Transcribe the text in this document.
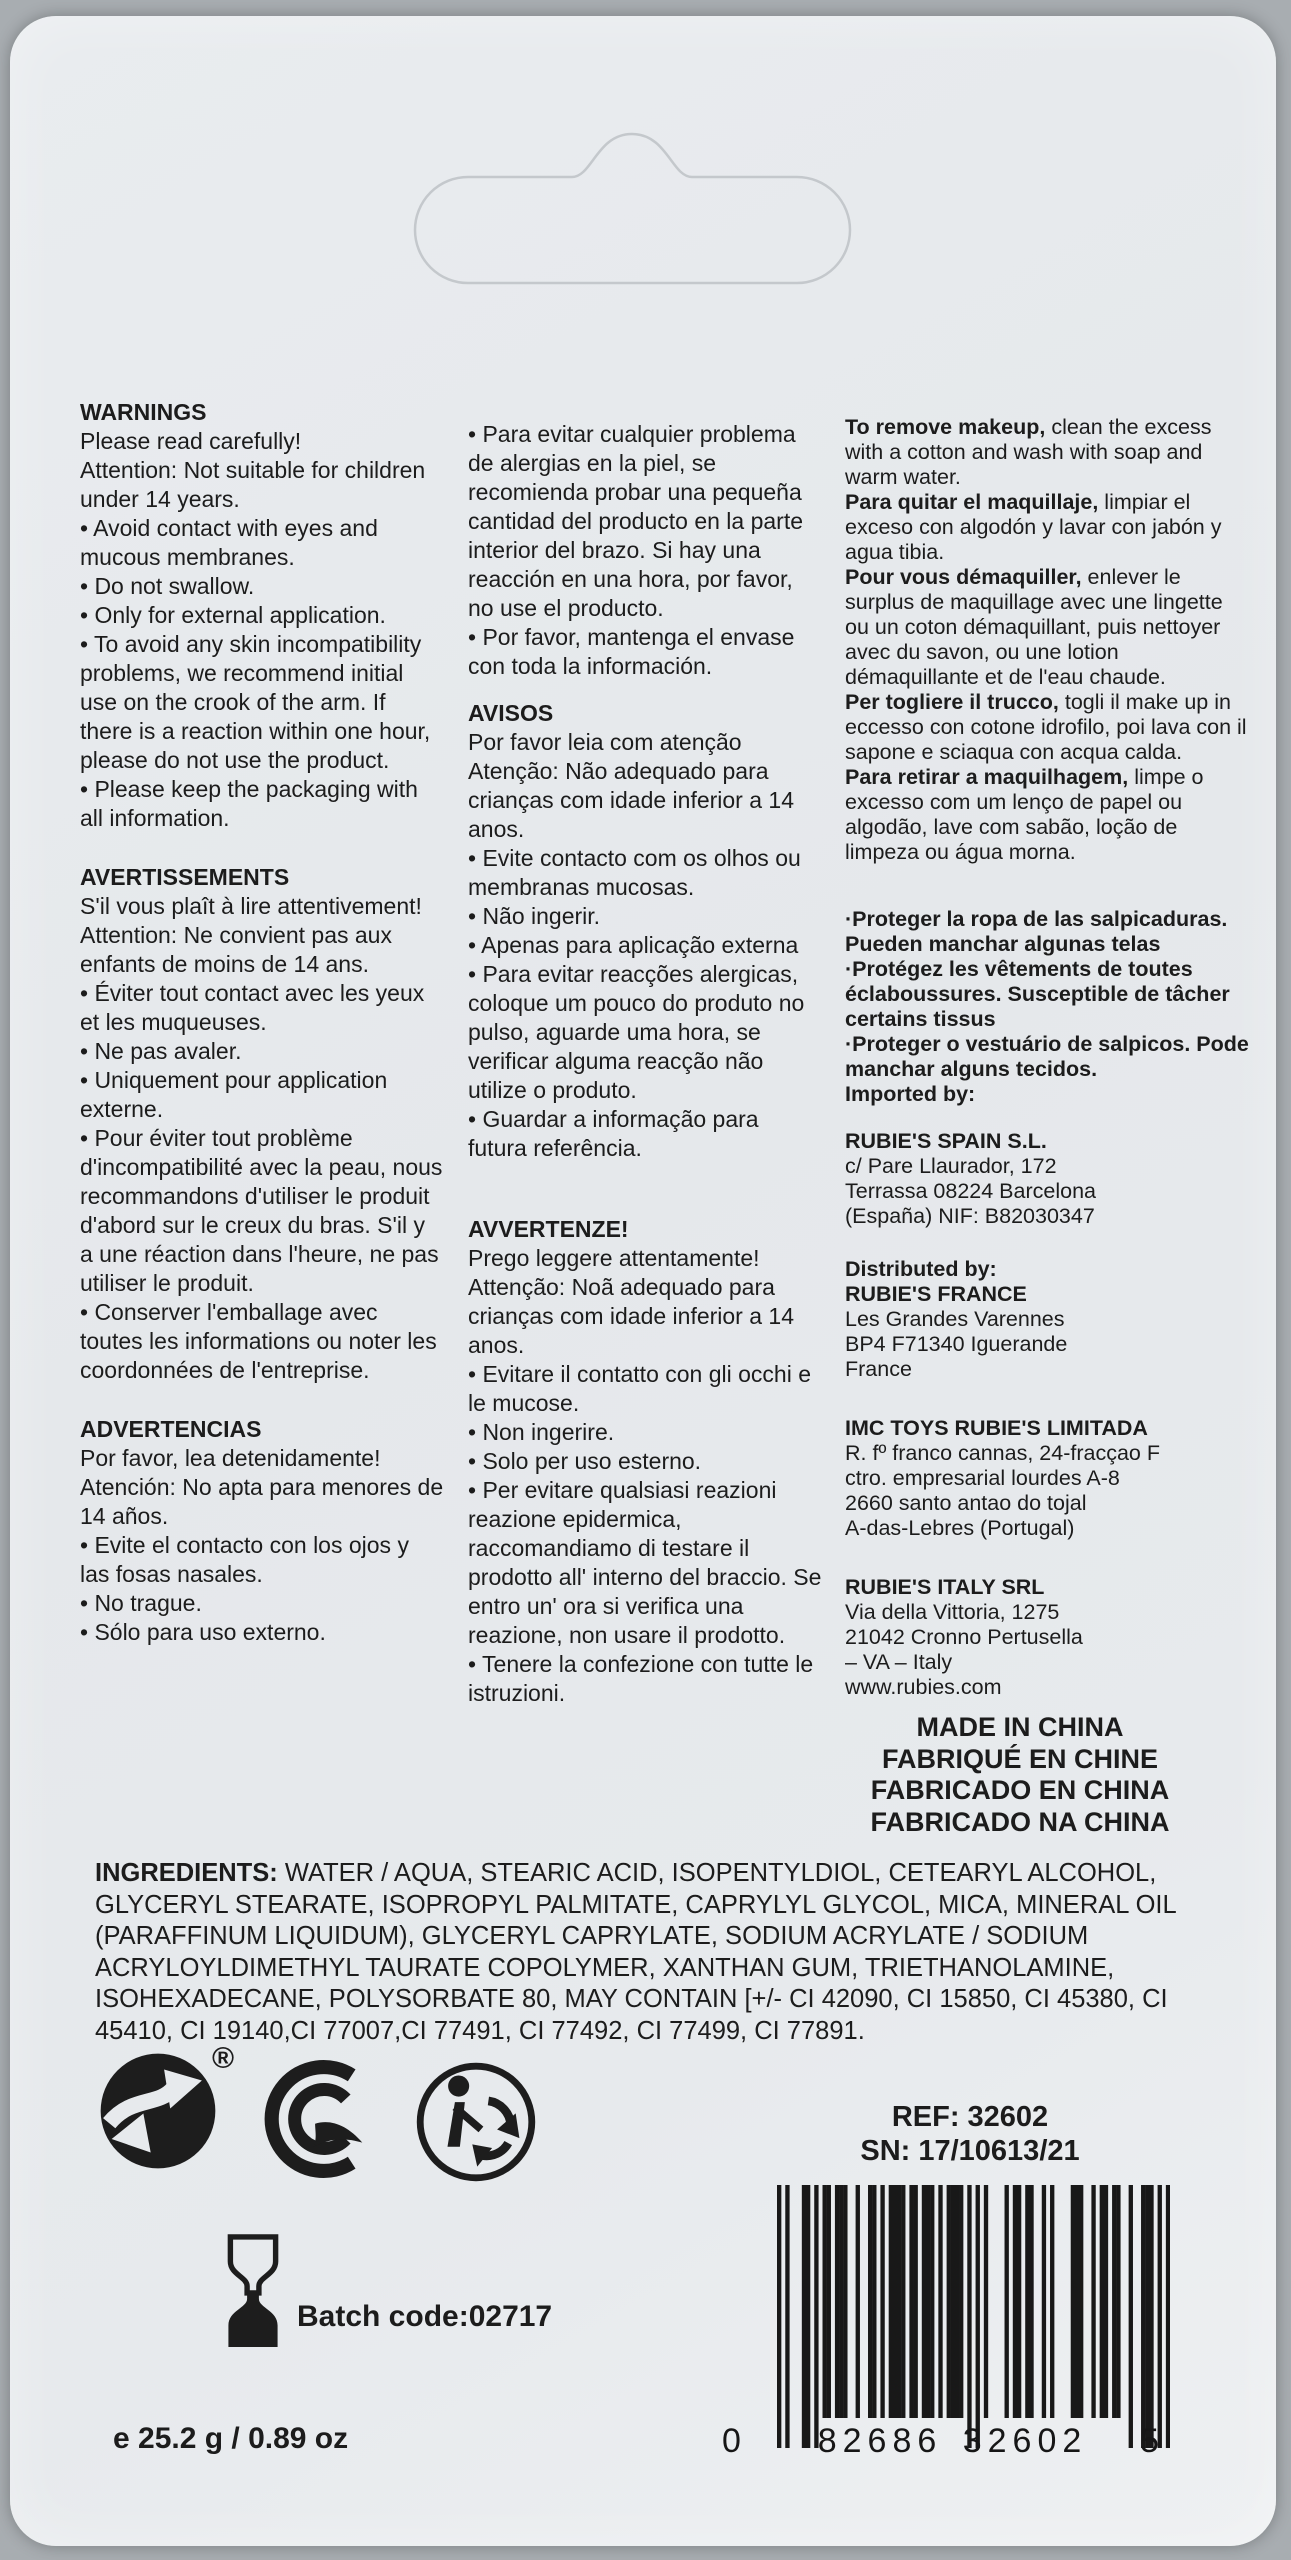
WARNINGS

Please read carefully!

Attention: Not suitable for children under 14 years.

• Avoid contact with eyes and mucous membranes.

• Do not swallow.

• Only for external application.

• To avoid any skin incompatibility problems, we recommend initial use on the crook of the arm. If there is a reaction within one hour, please do not use the product.

• Please keep the packaging with all information.

AVERTISSEMENTS

S'il vous plaît à lire attentivement!

Attention: Ne convient pas aux enfants de moins de 14 ans.

• Éviter tout contact avec les yeux et les muqueuses.

• Ne pas avaler.

• Uniquement pour application externe.

• Pour éviter tout problème d'incompatibilité avec la peau, nous recommandons d'utiliser le produit d'abord sur le creux du bras. S'il y a une réaction dans l'heure, ne pas utiliser le produit.

• Conserver l'emballage avec toutes les informations ou noter les coordonnées de l'entreprise.

ADVERTENCIAS

Por favor, lea detenidamente!

Atención: No apta para menores de 14 años.

• Evite el contacto con los ojos y las fosas nasales.

• No trague.

• Sólo para uso externo.

• Para evitar cualquier problema de alergias en la piel, se recomienda probar una pequeña cantidad del producto en la parte interior del brazo. Si hay una reacción en una hora, por favor, no use el producto.

• Por favor, mantenga el envase con toda la información.

AVISOS

Por favor leia com atenção

Atenção: Não adequado para crianças com idade inferior a 14 anos.

• Evite contacto com os olhos ou membranas mucosas.

• Não ingerir.

• Apenas para aplicação externa

• Para evitar reacções alergicas, coloque um pouco do produto no pulso, aguarde uma hora, se verificar alguma reacção não utilize o produto.

• Guardar a informação para futura referência.

AVVERTENZE!

Prego leggere attentamente!

Attenção: Noã adequado para crianças com idade inferior a 14 anos.

• Evitare il contatto con gli occhi e le mucose.

• Non ingerire.

• Solo per uso esterno.

• Per evitare qualsiasi reazioni reazione epidermica, raccomandiamo di testare il prodotto all' interno del braccio. Se entro un' ora si verifica una reazione, non usare il prodotto.

• Tenere la confezione con tutte le istruzioni.

To remove makeup, clean the excess with a cotton and wash with soap and warm water.

Para quitar el maquillaje, limpiar el exceso con algodón y lavar con jabón y agua tibia.

Pour vous démaquiller, enlever le surplus de maquillage avec une lingette ou un coton démaquillant, puis nettoyer avec du savon, ou une lotion démaquillante et de l'eau chaude.

Per togliere il trucco, togli il make up in eccesso con cotone idrofilo, poi lava con il sapone e sciaqua con acqua calda.

Para retirar a maquilhagem, limpe o excesso com um lenço de papel ou algodão, lave com sabão, loção de limpeza ou água morna.

·Proteger la ropa de las salpicaduras. Pueden manchar algunas telas

·Protégez les vêtements de toutes éclaboussures. Susceptible de tâcher certains tissus

·Proteger o vestuário de salpicos. Pode manchar alguns tecidos.

Imported by:

RUBIE'S SPAIN S.L.

c/ Pare Llaurador, 172

Terrassa 08224 Barcelona

(España) NIF: B82030347

Distributed by:

RUBIE'S FRANCE

Les Grandes Varennes

BP4 F71340 Iguerande

France

IMC TOYS RUBIE'S LIMITADA

R. fº franco cannas, 24-fracçao F

ctro. empresarial lourdes A-8

2660 santo antao do tojal

A-das-Lebres (Portugal)

RUBIE'S ITALY SRL

Via della Vittoria, 1275

21042 Cronno Pertusella

– VA – Italy

www.rubies.com

MADE IN CHINA
FABRIQUÉ EN CHINE
FABRICADO EN CHINA
FABRICADO NA CHINA
INGREDIENTS: WATER / AQUA, STEARIC ACID, ISOPENTYLDIOL, CETEARYL ALCOHOL, GLYCERYL STEARATE, ISOPROPYL PALMITATE, CAPRYLYL GLYCOL, MICA, MINERAL OIL (PARAFFINUM LIQUIDUM), GLYCERYL CAPRYLATE, SODIUM ACRYLATE / SODIUM ACRYLOYLDIMETHYL TAURATE COPOLYMER, XANTHAN GUM, TRIETHANOLAMINE, ISOHEXADECANE, POLYSORBATE 80, MAY CONTAIN [+/- CI 42090, CI 15850, CI 45380, CI 45410, CI 19140,CI 77007,CI 77491, CI 77492, CI 77499, CI 77891.
®
REF: 32602
SN: 17/10613/21
0	82686 32602	5
Batch code:02717
e 25.2 g / 0.89 oz
